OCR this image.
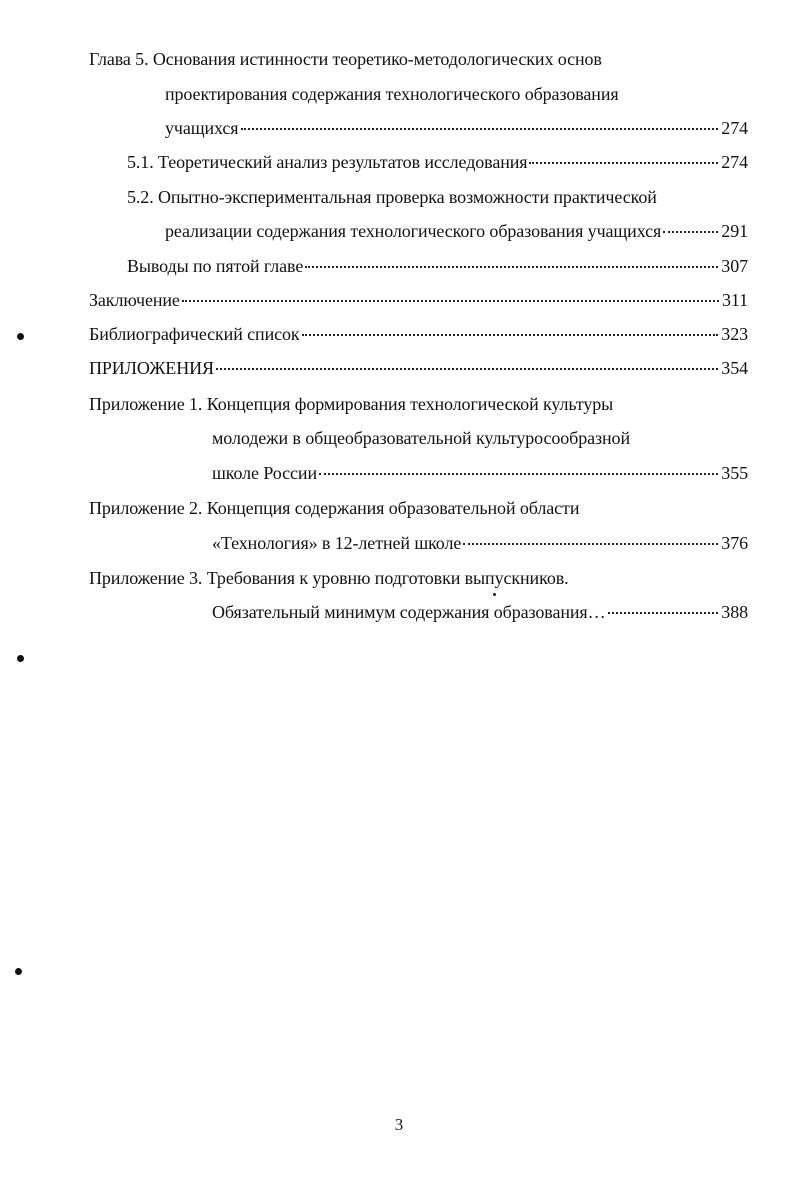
Глава 5. Основания истинности теоретико-методологических основ
проектирования содержания технологического образования
учащихся	274
5.1. Теоретический анализ результатов исследования	274
5.2. Опытно-экспериментальная проверка возможности практической
реализации содержания технологического образования учащихся	291
Выводы по пятой главе	307
Заключение	311
Библиографический список	323
ПРИЛОЖЕНИЯ	354
Приложение 1. Концепция формирования технологической культуры
молодежи в общеобразовательной культуросообразной
школе России	355
Приложение 2. Концепция содержания образовательной области
«Технология» в 12-летней школе	376
Приложение 3. Требования к уровню подготовки выпускников.
Обязательный минимум содержания образования…	388
3
